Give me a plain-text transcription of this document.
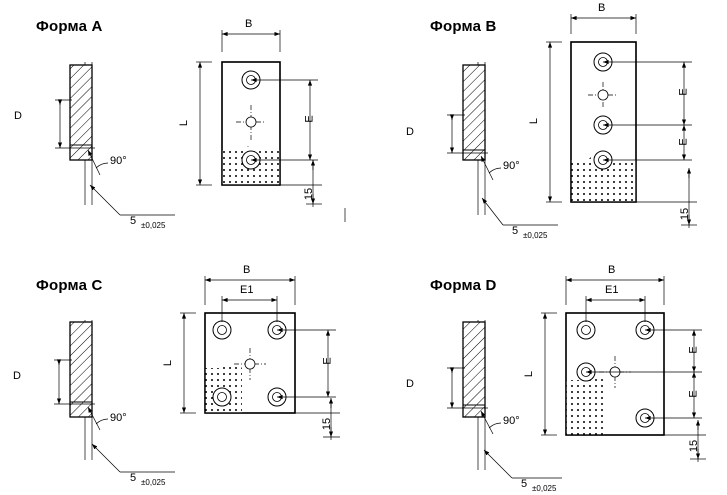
Форма A
D
90°
5 ±0,025
B
L
E
15
Форма B
D
90°
5 ±0,025
B
L
E
E
15
Форма C
D
90°
5 ±0,025
B
E1
L	E
15
Форма D
D
90°
5 ±0,025
B
E1
L
E
E
15
